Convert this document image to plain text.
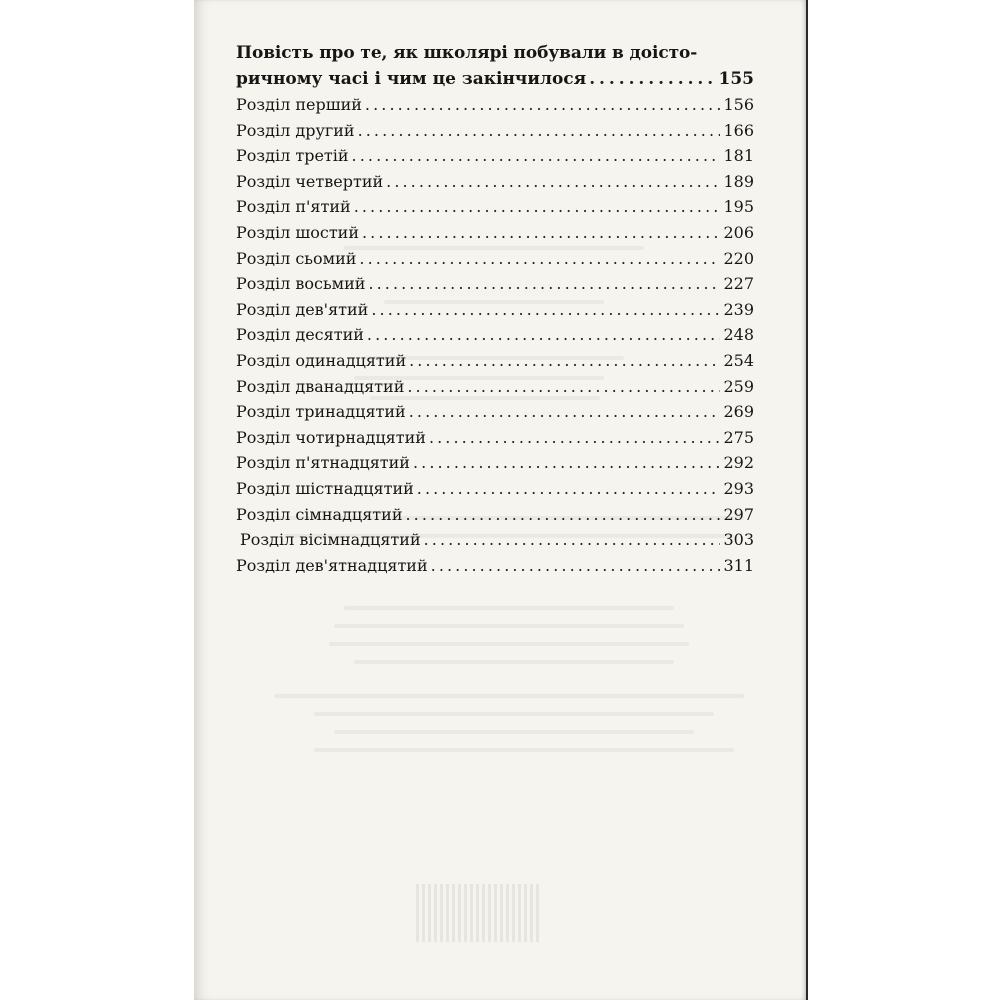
Повість про те, як школярі побували в доісто-
ричному часі і чим це закінчилося . . .	155
Розділ перший . . .	156
Розділ другий . . .	166
Розділ третій . . .	181
Розділ четвертий . . .	189
Розділ п'ятий . . .	195
Розділ шостий . . .	206
Розділ сьомий . . .	220
Розділ восьмий . . .	227
Розділ дев'ятий . . .	239
Розділ десятий . . .	248
Розділ одинадцятий . . .	254
Розділ дванадцятий . . .	259
Розділ тринадцятий . . .	269
Розділ чотирнадцятий . . .	275
Розділ п'ятнадцятий . . .	292
Розділ шістнадцятий . . .	293
Розділ сімнадцятий . . .	297
Розділ вісімнадцятий . . .	303
Розділ дев'ятнадцятий . . .	311
